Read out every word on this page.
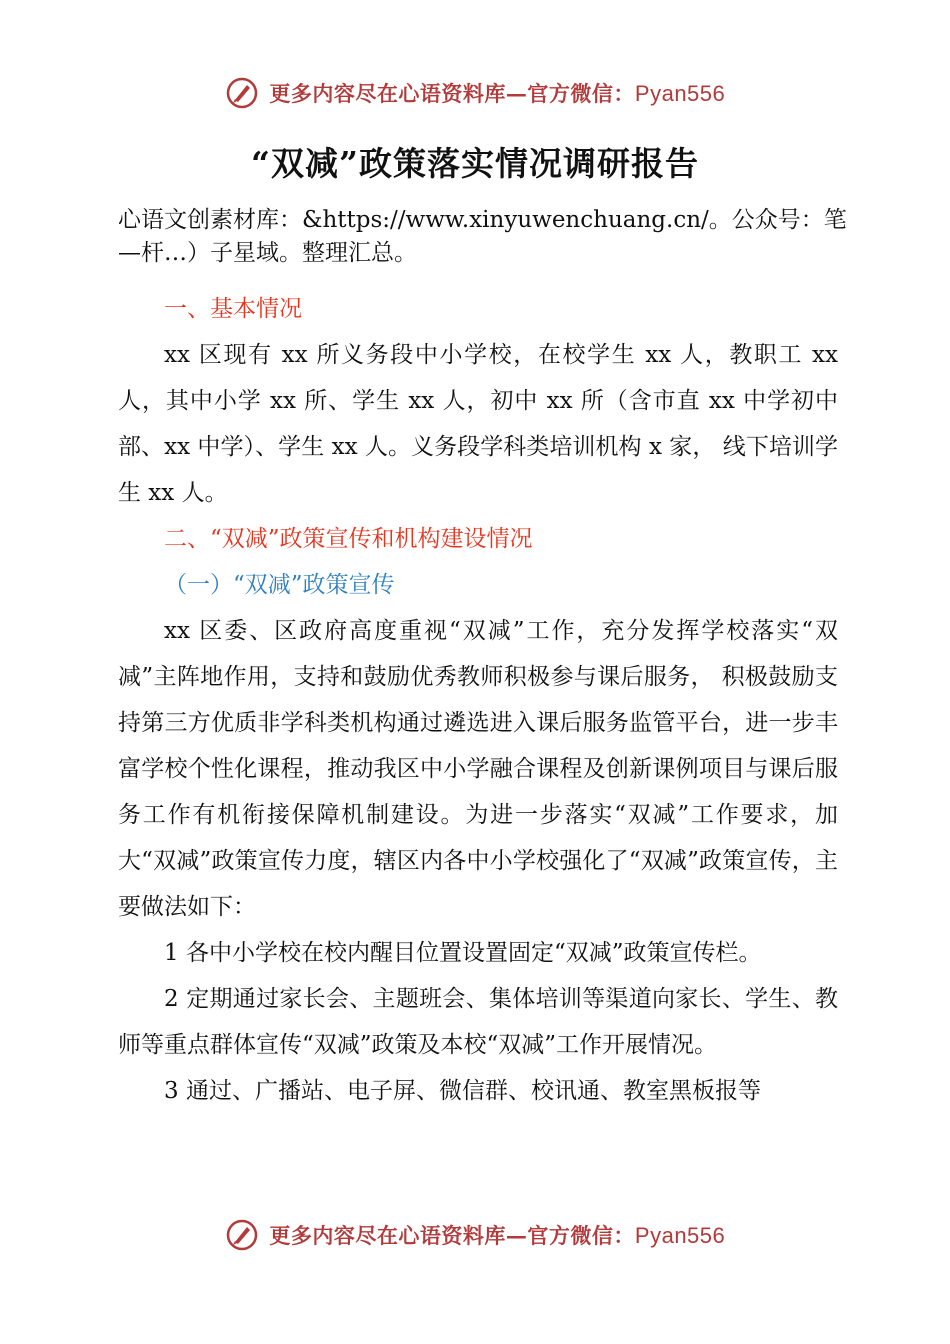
更多内容尽在心语资料库—官方微信：Pyan556
“双减”政策落实情况调研报告
心语文创素材库：&https://www.xinyuwenchuang.cn/。公众号：笔
—杆…）子星域。整理汇总。

一、基本情况

xx 区现有 xx 所义务段中小学校，在校学生 xx 人，教职工 xx 人，其中小学 xx 所、学生 xx 人，初中 xx 所（含市直 xx 中学初中部、xx 中学）、学生 xx 人。义务段学科类培训机构 x 家， 线下培训学生 xx 人。

二、“双减”政策宣传和机构建设情况

（一）“双减”政策宣传

xx 区委、区政府高度重视“双减”工作，充分发挥学校落实“双减”主阵地作用，支持和鼓励优秀教师积极参与课后服务， 积极鼓励支持第三方优质非学科类机构通过遴选进入课后服务监管平台，进一步丰富学校个性化课程，推动我区中小学融合课程及创新课例项目与课后服务工作有机衔接保障机制建设。为进一步落实“双减”工作要求，加大“双减”政策宣传力度，辖区内各中小学校强化了“双减”政策宣传，主要做法如下：

1 各中小学校在校内醒目位置设置固定“双减”政策宣传栏。

2 定期通过家长会、主题班会、集体培训等渠道向家长、学生、教师等重点群体宣传“双减”政策及本校“双减”工作开展情况。

3 通过、广播站、电子屏、微信群、校讯通、教室黑板报等

更多内容尽在心语资料库—官方微信：Pyan556
